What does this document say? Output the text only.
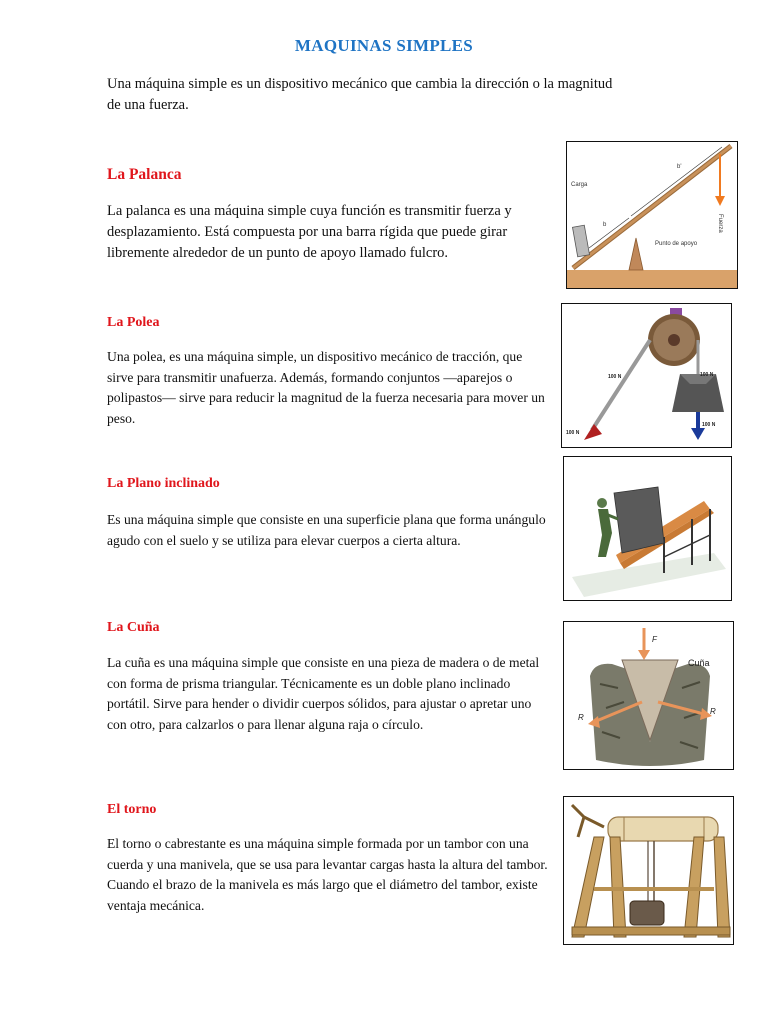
MAQUINAS SIMPLES
Una máquina simple es un dispositivo mecánico que cambia la dirección o la magnitud de una fuerza.
La Palanca
La palanca es una máquina simple cuya función es transmitir fuerza y desplazamiento. Está compuesta por una barra rígida que puede girar libremente alrededor de un punto de apoyo llamado fulcro.
Carga
Fuerza
Punto de apoyo
b
b'
La Polea
Una polea, es una máquina simple, un dispositivo mecánico de tracción, que sirve para transmitir unafuerza. Además, formando conjuntos —aparejos o polipastos— sirve para reducir la magnitud de la fuerza necesaria para mover un peso.
100 N	100 N
100 N
100 N
La Plano inclinado
Es una máquina simple que consiste en una superficie plana que forma unángulo agudo con el suelo y se utiliza para elevar cuerpos a cierta altura.
La Cuña
La cuña es una máquina simple que consiste en una pieza de madera o de metal con forma de prisma triangular. Técnicamente es un doble plano inclinado portátil. Sirve para hender o dividir cuerpos sólidos, para ajustar o apretar uno con otro, para calzarlos o para llenar alguna raja o círculo.
F
Cuña
R
R
El torno
El torno o cabrestante es una máquina simple formada por un tambor con una cuerda y una manivela, que se usa para levantar cargas hasta la altura del tambor. Cuando el brazo de la manivela es más largo que el diámetro del tambor, existe ventaja mecánica.
